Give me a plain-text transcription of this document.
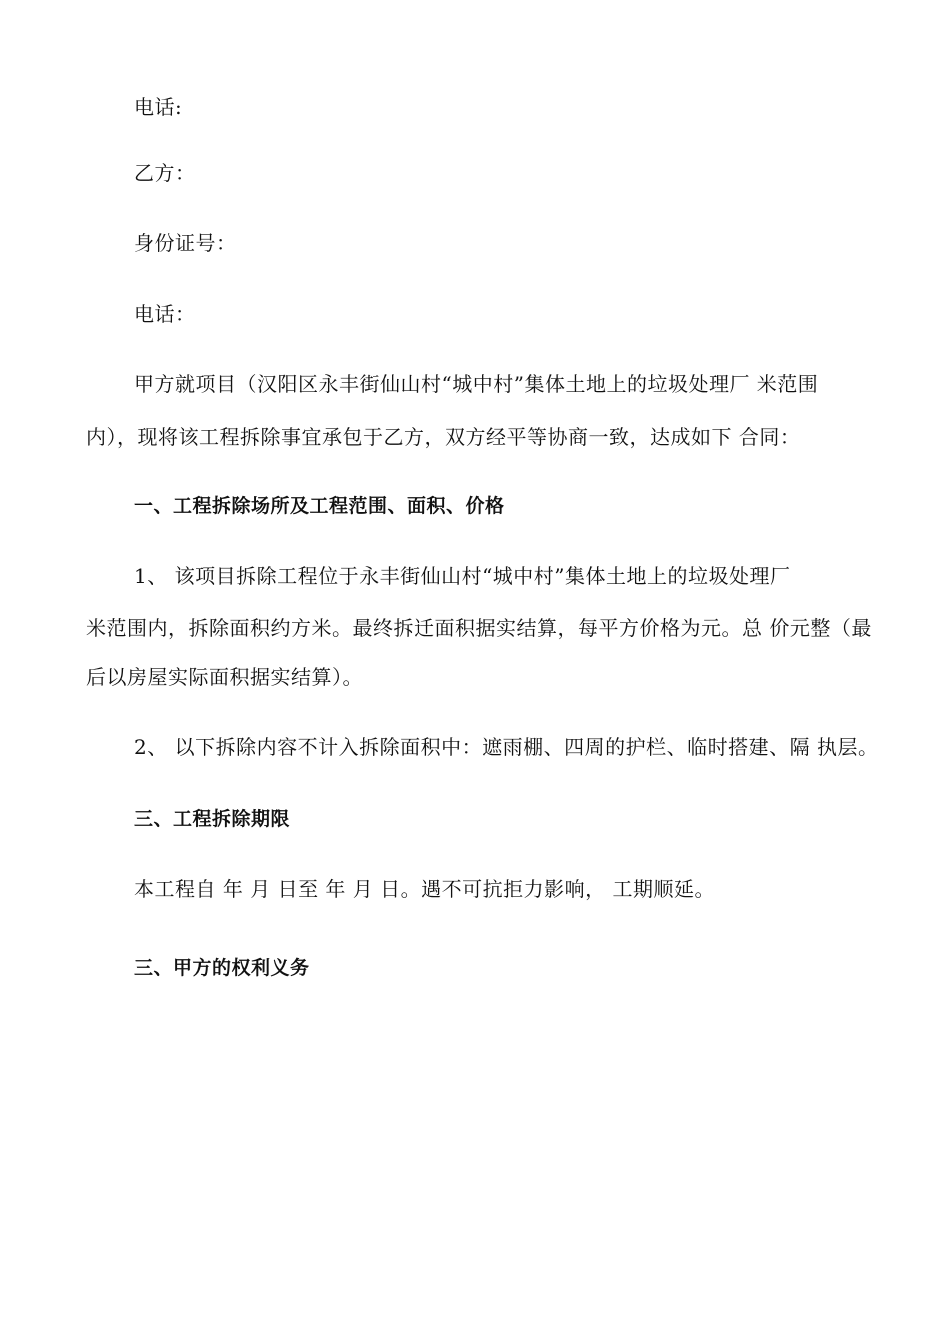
电话:
乙方：
身份证号：
电话：
甲方就项目（汉阳区永丰街仙山村“城中村”集体土地上的垃圾处理厂 米范围
内），现将该工程拆除事宜承包于乙方，双方经平等协商一致，达成如下 合同：
一、工程拆除场所及工程范围、面积、价格
1、 该项目拆除工程位于永丰街仙山村“城中村”集体土地上的垃圾处理厂
米范围内，拆除面积约方米。最终拆迁面积据实结算，每平方价格为元。总 价元整（最
后以房屋实际面积据实结算）。
2、 以下拆除内容不计入拆除面积中：遮雨棚、四周的护栏、临时搭建、隔 执层。
三、工程拆除期限
本工程自 年 月 日至 年 月 日。遇不可抗拒力影响， 工期顺延。
三、甲方的权利义务
